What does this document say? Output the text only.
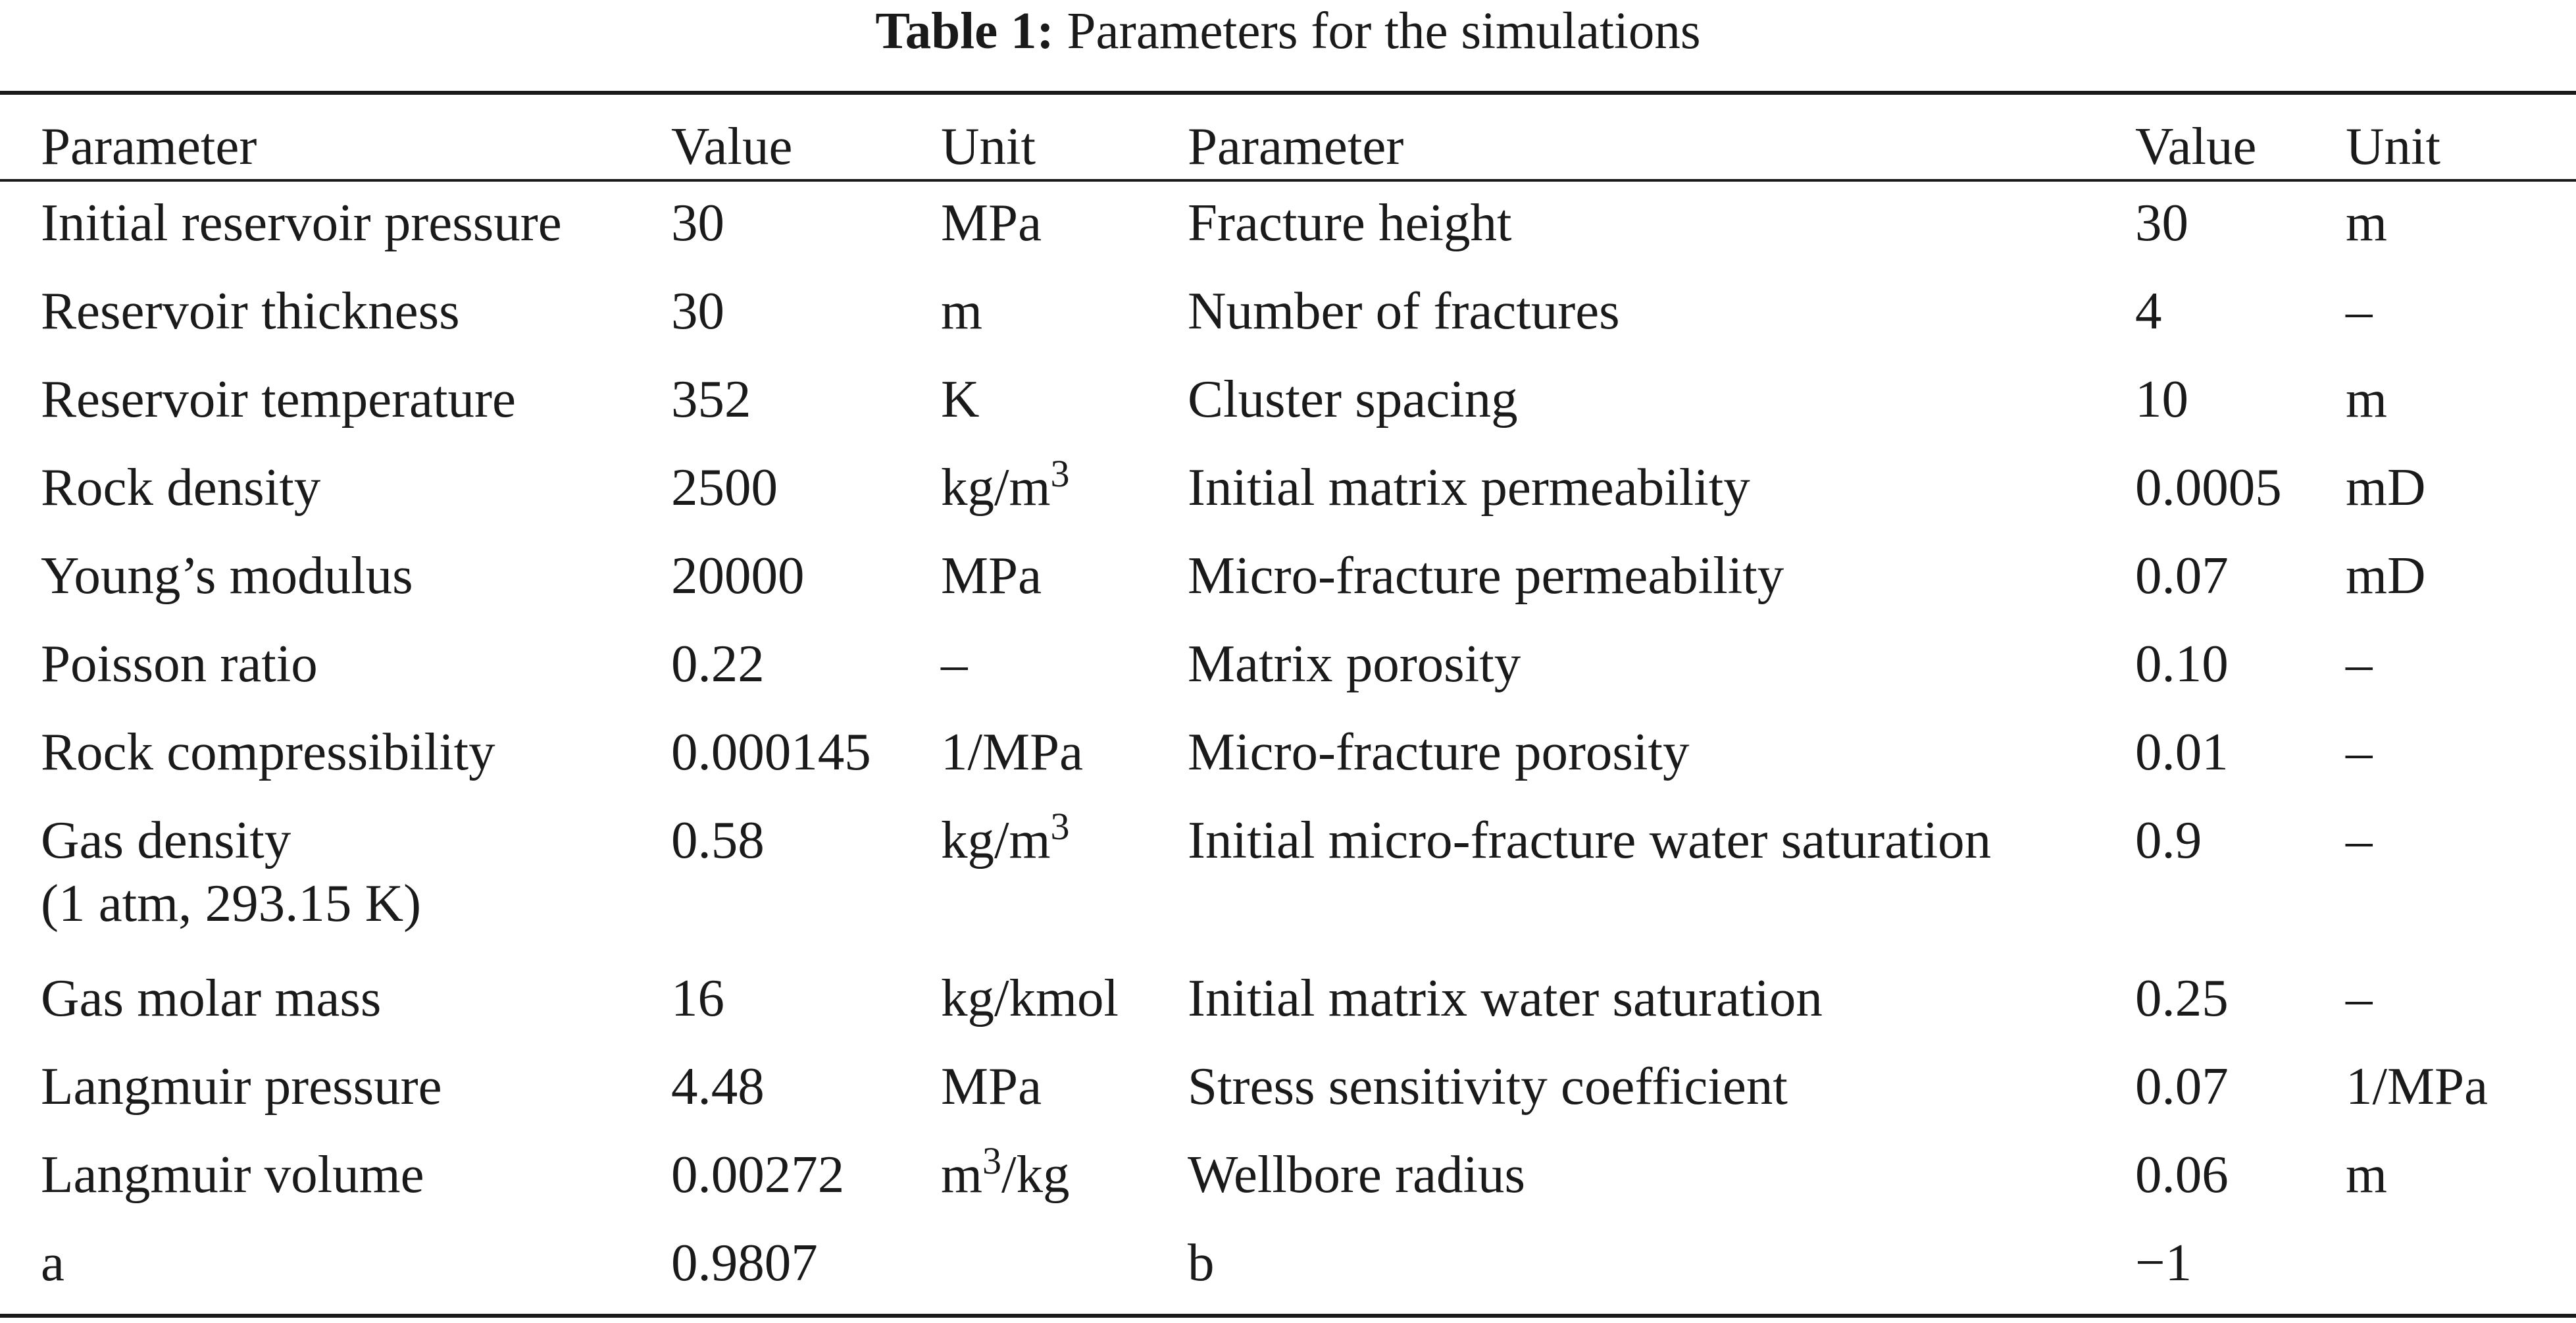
Table 1: Parameters for the simulations
Parameter	Value	Unit	Parameter	Value	Unit
Initial reservoir pressure	30	MPa	Fracture height	30	m
Reservoir thickness	30	m	Number of fractures	4	–
Reservoir temperature	352	K	Cluster spacing	10	m
Rock density	2500	$kg/m^3$	Initial matrix permeability	0.0005	mD
Young’s modulus	20000	MPa	Micro-fracture permeability	0.07	mD
Poisson ratio	0.22	–	Matrix porosity	0.10	–
Rock compressibility	0.000145	1/MPa	Micro-fracture porosity	0.01	–

Gas density
(1 atm, 293.15 K)	0.58	$kg/m^3$	Initial micro-fracture water saturation	0.9	–
Gas molar mass	16	kg/kmol	Initial matrix water saturation	0.25	–
Langmuir pressure	4.48	MPa	Stress sensitivity coefficient	0.07	1/MPa
Langmuir volume	0.00272	$m^3/kg$	Wellbore radius	0.06	m
a	0.9807		b	−1	
